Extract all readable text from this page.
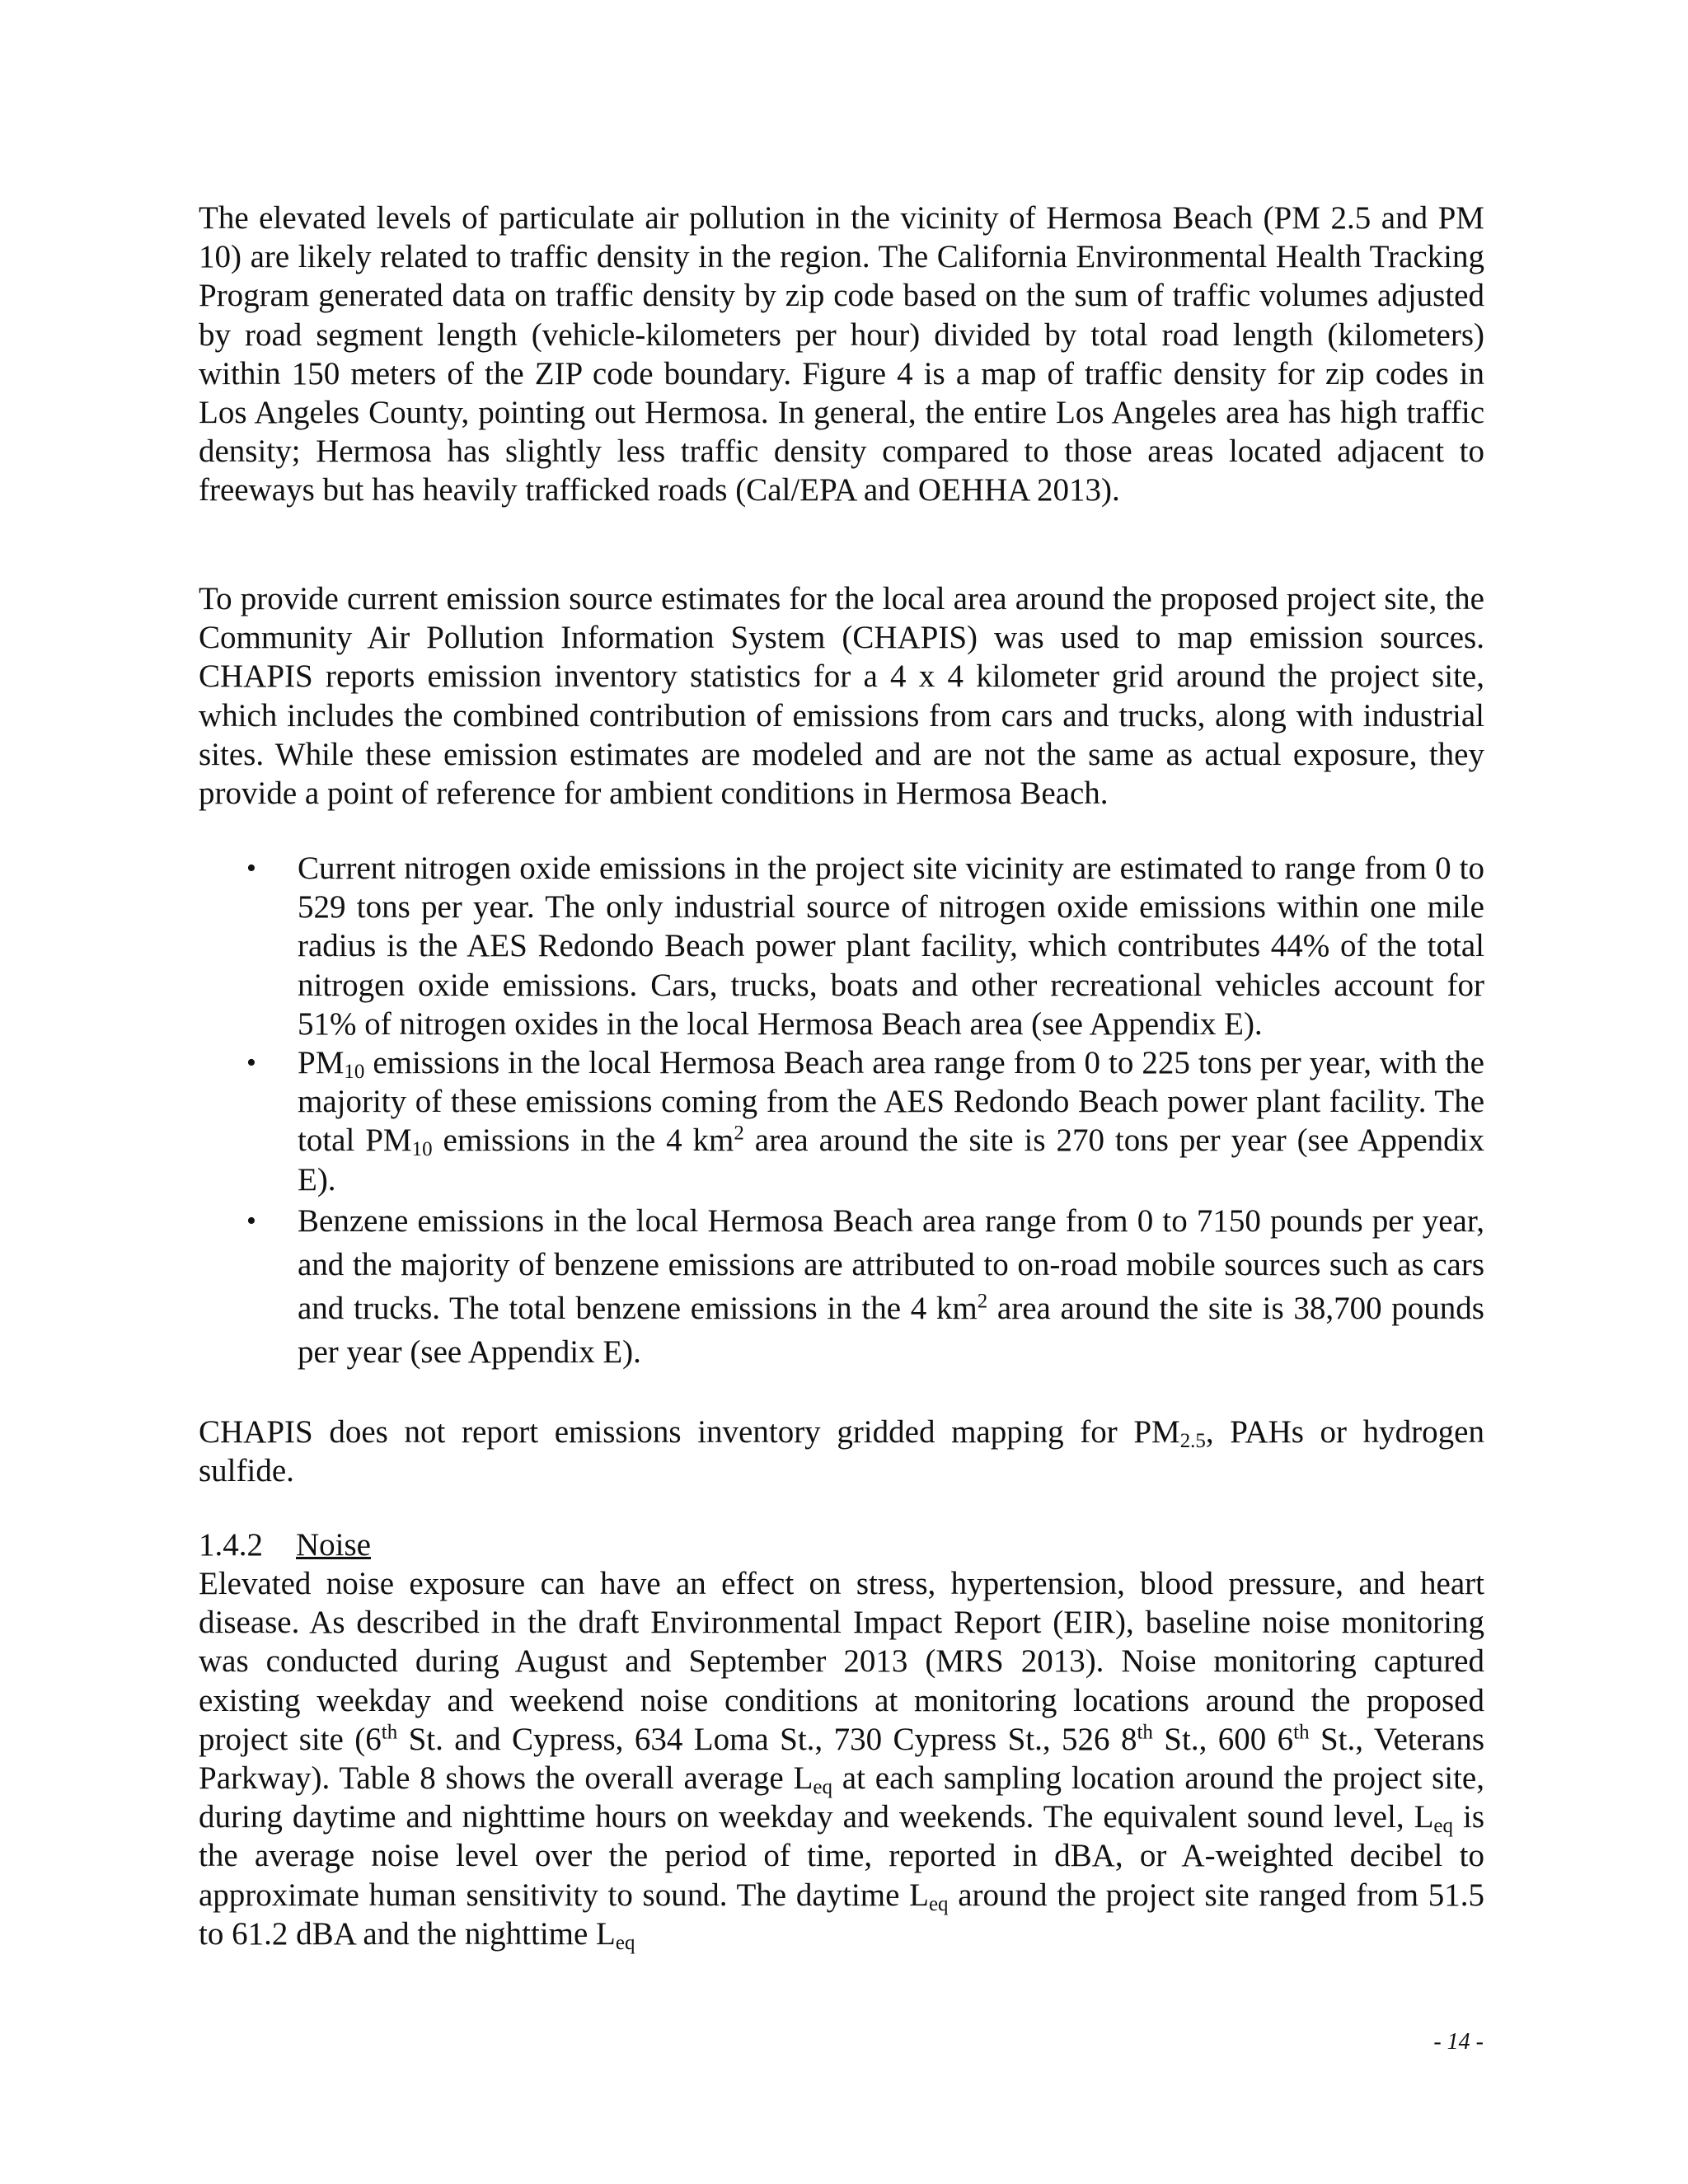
The elevated levels of particulate air pollution in the vicinity of Hermosa Beach (PM 2.5 and PM 10) are likely related to traffic density in the region. The California Environmental Health Tracking Program generated data on traffic density by zip code based on the sum of traffic volumes adjusted by road segment length (vehicle-kilometers per hour) divided by total road length (kilometers) within 150 meters of the ZIP code boundary. Figure 4 is a map of traffic density for zip codes in Los Angeles County, pointing out Hermosa. In general, the entire Los Angeles area has high traffic density; Hermosa has slightly less traffic density compared to those areas located adjacent to freeways but has heavily trafficked roads (Cal/EPA and OEHHA 2013).

To provide current emission source estimates for the local area around the proposed project site, the Community Air Pollution Information System (CHAPIS) was used to map emission sources. CHAPIS reports emission inventory statistics for a 4 x 4 kilometer grid around the project site, which includes the combined contribution of emissions from cars and trucks, along with industrial sites. While these emission estimates are modeled and are not the same as actual exposure, they provide a point of reference for ambient conditions in Hermosa Beach.

• Current nitrogen oxide emissions in the project site vicinity are estimated to range from 0 to 529 tons per year. The only industrial source of nitrogen oxide emissions within one mile radius is the AES Redondo Beach power plant facility, which contributes 44% of the total nitrogen oxide emissions. Cars, trucks, boats and other recreational vehicles account for 51% of nitrogen oxides in the local Hermosa Beach area (see Appendix E).
• $PM_{10}$ emissions in the local Hermosa Beach area range from 0 to 225 tons per year, with the majority of these emissions coming from the AES Redondo Beach power plant facility. The total $PM_{10}$ emissions in the 4 $km^2$ area around the site is 270 tons per year (see Appendix E).
• Benzene emissions in the local Hermosa Beach area range from 0 to 7150 pounds per year, and the majority of benzene emissions are attributed to on-road mobile sources such as cars and trucks. The total benzene emissions in the 4 $km^2$ area around the site is 38,700 pounds per year (see Appendix E).

CHAPIS does not report emissions inventory gridded mapping for $PM_{2.5}$, PAHs or hydrogen sulfide.

1.4.2 Noise

Elevated noise exposure can have an effect on stress, hypertension, blood pressure, and heart disease. As described in the draft Environmental Impact Report (EIR), baseline noise monitoring was conducted during August and September 2013 (MRS 2013). Noise monitoring captured existing weekday and weekend noise conditions at monitoring locations around the proposed project site (6th St. and Cypress, 634 Loma St., 730 Cypress St., 526 8th St., 600 6th St., Veterans Parkway). Table 8 shows the overall average $L_{eq}$ at each sampling location around the project site, during daytime and nighttime hours on weekday and weekends. The equivalent sound level, $L_{eq}$ is the average noise level over the period of time, reported in dBA, or A-weighted decibel to approximate human sensitivity to sound. The daytime $L_{eq}$ around the project site ranged from 51.5 to 61.2 dBA and the nighttime $L_{eq}$

- 14 -
